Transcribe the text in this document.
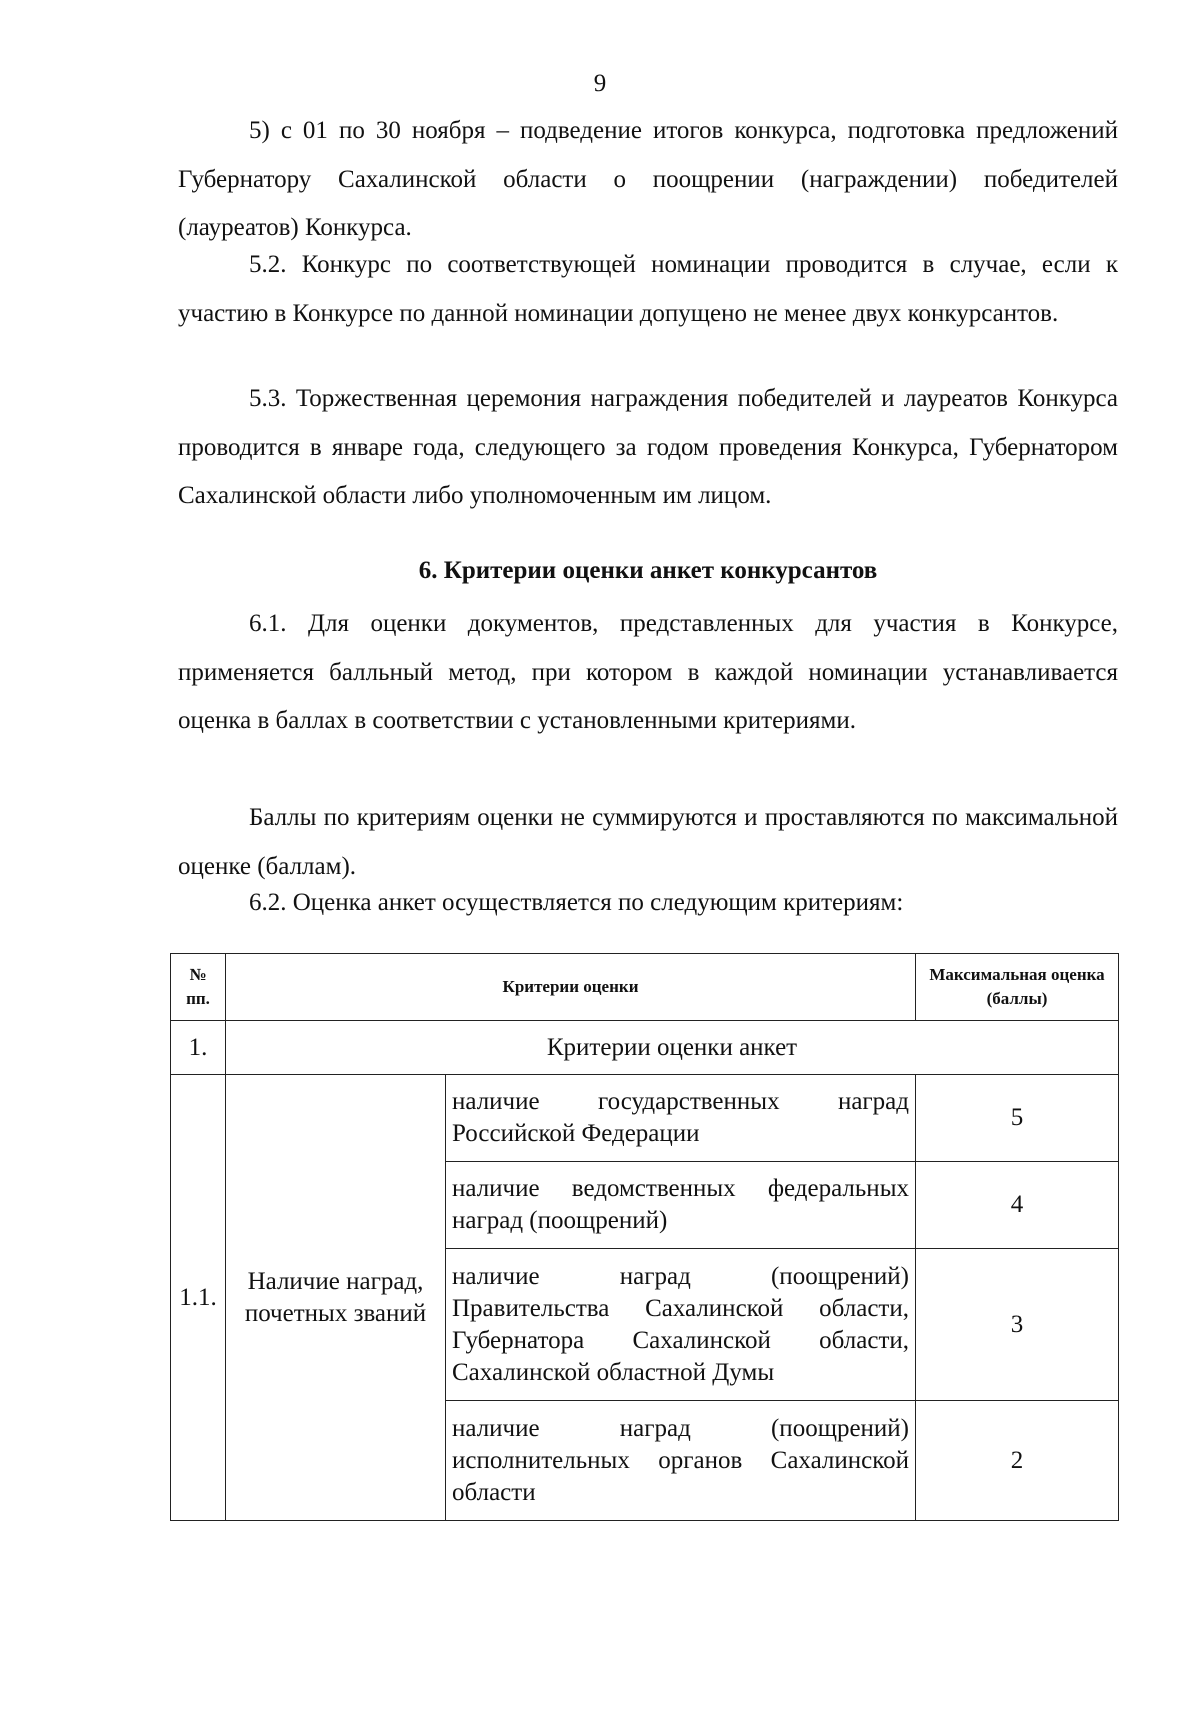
9

5) с 01 по 30 ноября – подведение итогов конкурса, подготовка предложений Губернатору Сахалинской области о поощрении (награждении) победителей (лауреатов) Конкурса.

5.2. Конкурс по соответствующей номинации проводится в случае, если к участию в Конкурсе по данной номинации допущено не менее двух конкурсантов.

5.3. Торжественная церемония награждения победителей и лауреатов Конкурса проводится в январе года, следующего за годом проведения Конкурса, Губернатором Сахалинской области либо уполномоченным им лицом.

6. Критерии оценки анкет конкурсантов

6.1. Для оценки документов, представленных для участия в Конкурсе, применяется балльный метод, при котором в каждой номинации устанавливается оценка в баллах в соответствии с установленными критериями.

Баллы по критериям оценки не суммируются и проставляются по максимальной оценке (баллам).

6.2. Оценка анкет осуществляется по следующим критериям:

№ пп.	Критерии оценки		Максимальная оценка (баллы)
1.	Критерии оценки анкет		
1.1.	Наличие наград, почетных званий	наличие государственных наград Российской Федерации	5
		наличие ведомственных федеральных наград (поощрений)	4
		наличие наград (поощрений) Правительства Сахалинской области, Губернатора Сахалинской области, Сахалинской областной Думы	3
		наличие наград (поощрений) исполнительных органов Сахалинской области	2
